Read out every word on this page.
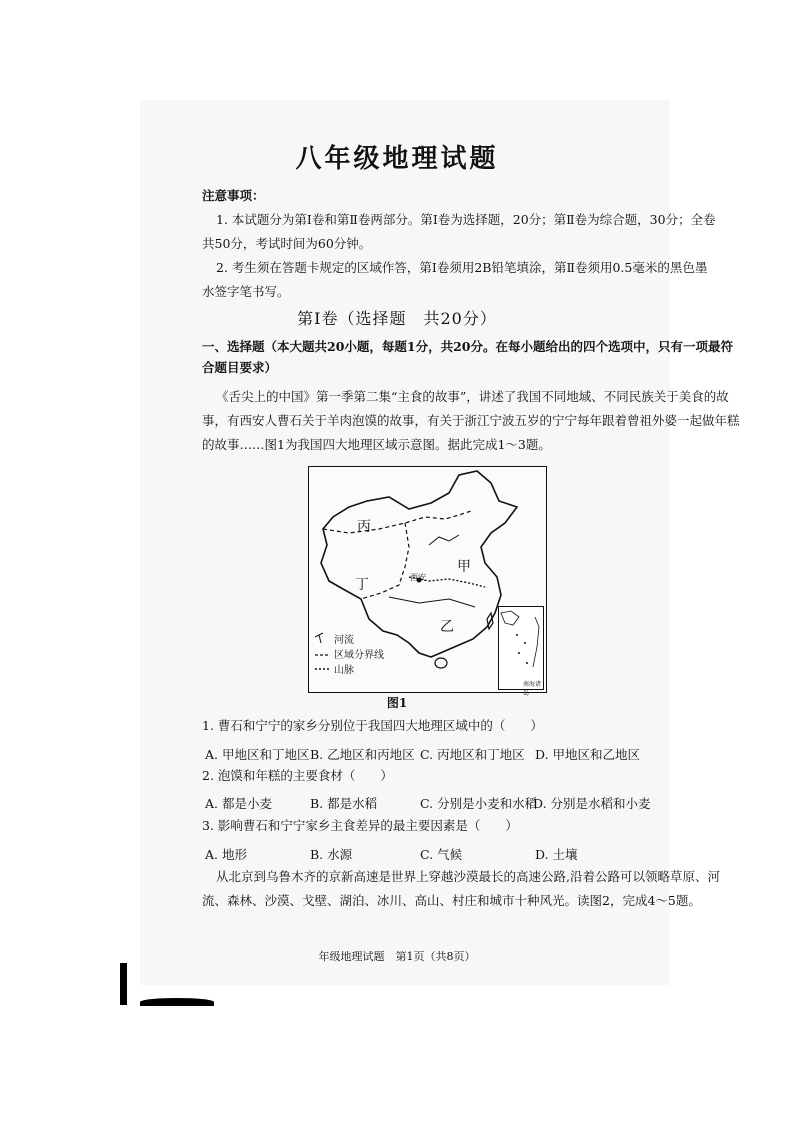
八年级地理试题
注意事项：
1. 本试题分为第Ⅰ卷和第Ⅱ卷两部分。第Ⅰ卷为选择题，20分；第Ⅱ卷为综合题，30分；全卷
共50分，考试时间为60分钟。
2. 考生须在答题卡规定的区域作答，第Ⅰ卷须用2B铅笔填涂，第Ⅱ卷须用0.5毫米的黑色墨
水签字笔书写。
第Ⅰ卷（选择题　共20分）
一、选择题（本大题共20小题，每题1分，共20分。在每小题给出的四个选项中，只有一项最符
合题目要求）
《舌尖上的中国》第一季第二集“主食的故事”，讲述了我国不同地域、不同民族关于美食的故
事，有西安人曹石关于羊肉泡馍的故事，有关于浙江宁波五岁的宁宁每年跟着曾祖外婆一起做年糕
的故事……图1为我国四大地理区域示意图。据此完成1～3题。
丙
甲
丁
乙
西安
河流
区域分界线
山脉
南海诸岛
图1
1. 曹石和宁宁的家乡分别位于我国四大地理区域中的（　　）
A. 甲地区和丁地区 B. 乙地区和丙地区 C. 丙地区和丁地区 D. 甲地区和乙地区
2. 泡馍和年糕的主要食材（　　）
A. 都是小麦	B. 都是水稻	C. 分别是小麦和水稻
D. 分别是水稻和小麦
3. 影响曹石和宁宁家乡主食差异的最主要因素是（　　）
A. 地形	B. 水源	C. 气候	D. 土壤
从北京到乌鲁木齐的京新高速是世界上穿越沙漠最长的高速公路,沿着公路可以领略草原、河
流、森林、沙漠、戈壁、湖泊、冰川、高山、村庄和城市十种风光。读图2，完成4～5题。
年级地理试题　第1页（共8页）
